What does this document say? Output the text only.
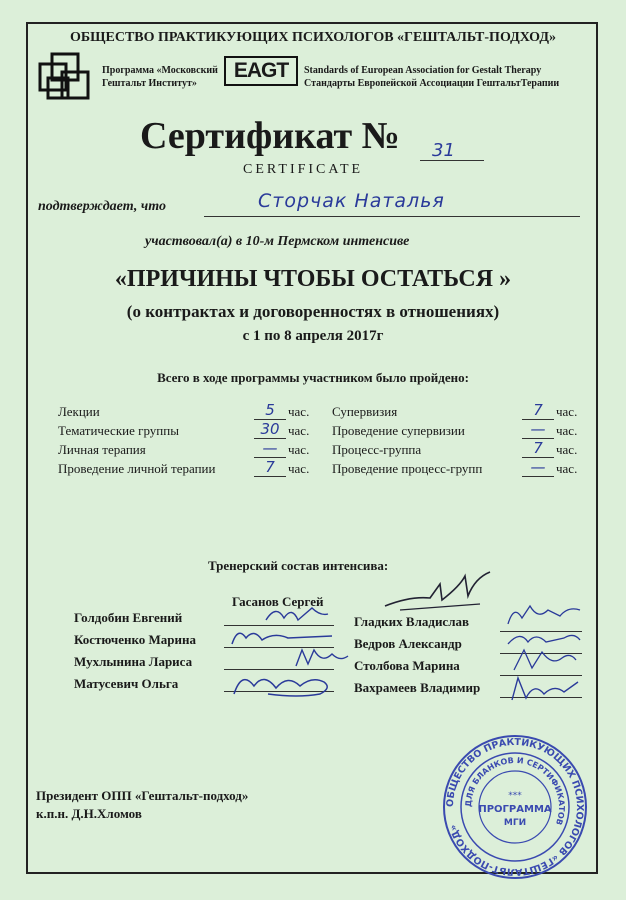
ОБЩЕСТВО ПРАКТИКУЮЩИХ ПСИХОЛОГОВ «ГЕШТАЛЬТ-ПОДХОД»
Программа «Московский
Гештальт Институт»
EAGT	Standards of European Association for Gestalt Therapy
Стандарты Европейской Ассоциации ГештальтТерапии
Сертификат № 31
CERTIFICATE
подтверждает, что	Сторчак Наталья
участвовал(а) в 10-м Пермском интенсиве
«ПРИЧИНЫ ЧТОБЫ ОСТАТЬСЯ »
(о контрактах и договоренностях в отношениях)
с 1 по 8 апреля 2017г
Всего в ходе программы участником было пройдено:
Лекции
Тематические группы
Личная терапия
Проведение личной терапии
5
30
—
7
час.
час.
час.
час.
Супервизия
Проведение супервизии
Процесс-группа
Проведение процесс-групп
7
—
7
—
час.
час.
час.
час.
Тренерский состав интенсива:
Гасанов Сергей
Голдобин Евгений
Костюченко Марина
Мухлынина Лариса
Матусевич Ольга
Гладких Владислав
Ведров Александр
Столбова Марина
Вахрамеев Владимир
Президент ОПП «Гештальт-подход»
к.п.н. Д.Н.Хломов
ОБЩЕСТВО ПРАКТИКУЮЩИХ ПСИХОЛОГОВ «ГЕШТАЛЬТ-ПОДХОД»
ДЛЯ БЛАНКОВ И СЕРТИФИКАТОВ
***
ПРОГРАММА
МГИ
